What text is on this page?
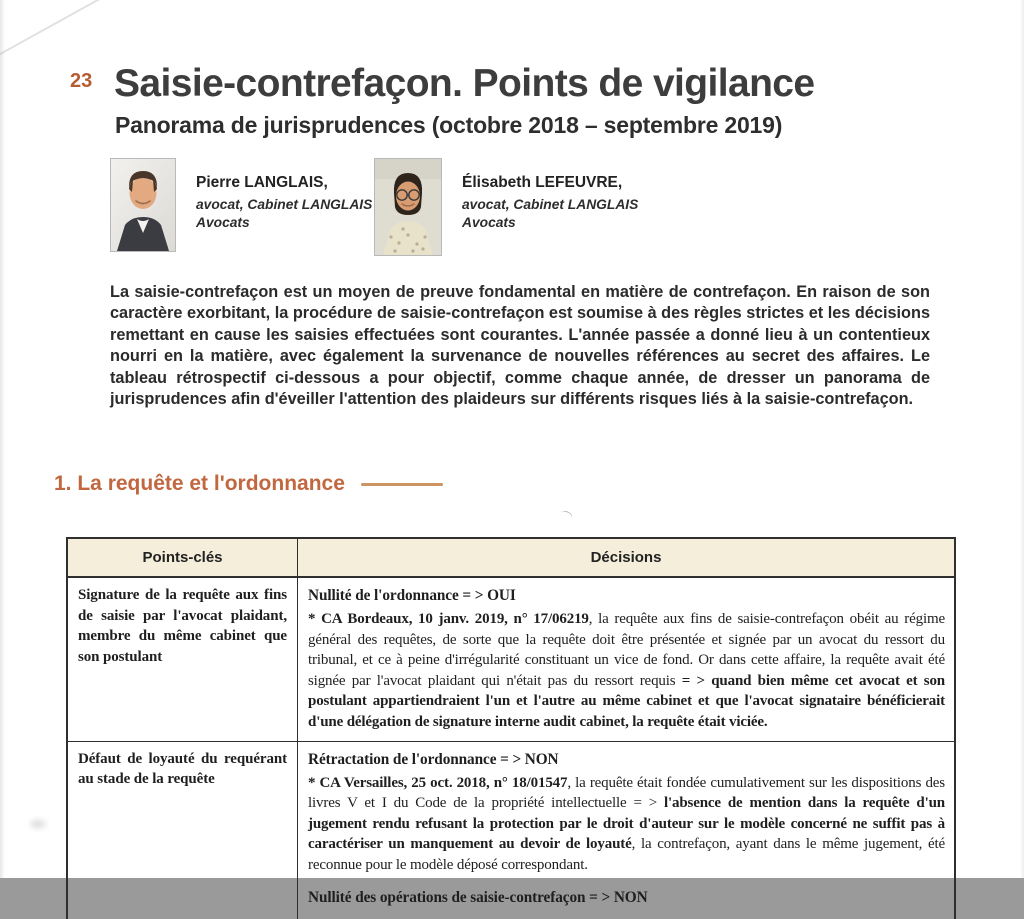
23 Saisie-contrefaçon. Points de vigilance
Panorama de jurisprudences (octobre 2018 – septembre 2019)
Pierre LANGLAIS,
avocat, Cabinet LANGLAIS
Avocats
Élisabeth LEFEUVRE,
avocat, Cabinet LANGLAIS
Avocats

La saisie-contrefaçon est un moyen de preuve fondamental en matière de contrefaçon. En raison de son caractère exorbitant, la procédure de saisie-contrefaçon est soumise à des règles strictes et les décisions remettant en cause les saisies effectuées sont courantes. L'année passée a donné lieu à un contentieux nourri en la matière, avec également la survenance de nouvelles références au secret des affaires. Le tableau rétrospectif ci-dessous a pour objectif, comme chaque année, de dresser un panorama de jurisprudences afin d'éveiller l'attention des plaideurs sur différents risques liés à la saisie-contrefaçon.

1. La requête et l'ordonnance
Points-clés	Décisions
Signature de la requête aux fins de saisie par l'avocat plaidant, membre du même cabinet que son postulant
Nullité de l'ordonnance = > OUI

* CA Bordeaux, 10 janv. 2019, n° 17/06219, la requête aux fins de saisie-contrefaçon obéit au régime général des requêtes, de sorte que la requête doit être présentée et signée par un avocat du ressort du tribunal, et ce à peine d'irrégularité constituant un vice de fond. Or dans cette affaire, la requête avait été signée par l'avocat plaidant qui n'était pas du ressort requis = > quand bien même cet avocat et son postulant appartiendraient l'un et l'autre au même cabinet et que l'avocat signataire bénéficierait d'une délégation de signature interne audit cabinet, la requête était viciée.

Défaut de loyauté du requérant au stade de la requête
Rétractation de l'ordonnance = > NON

* CA Versailles, 25 oct. 2018, n° 18/01547, la requête était fondée cumulativement sur les dispositions des livres V et I du Code de la propriété intellectuelle = > l'absence de mention dans la requête d'un jugement rendu refusant la protection par le droit d'auteur sur le modèle concerné ne suffit pas à caractériser un manquement au devoir de loyauté, la contrefaçon, ayant dans le même jugement, été reconnue pour le modèle déposé correspondant.

Nullité des opérations de saisie-contrefaçon = > NON
